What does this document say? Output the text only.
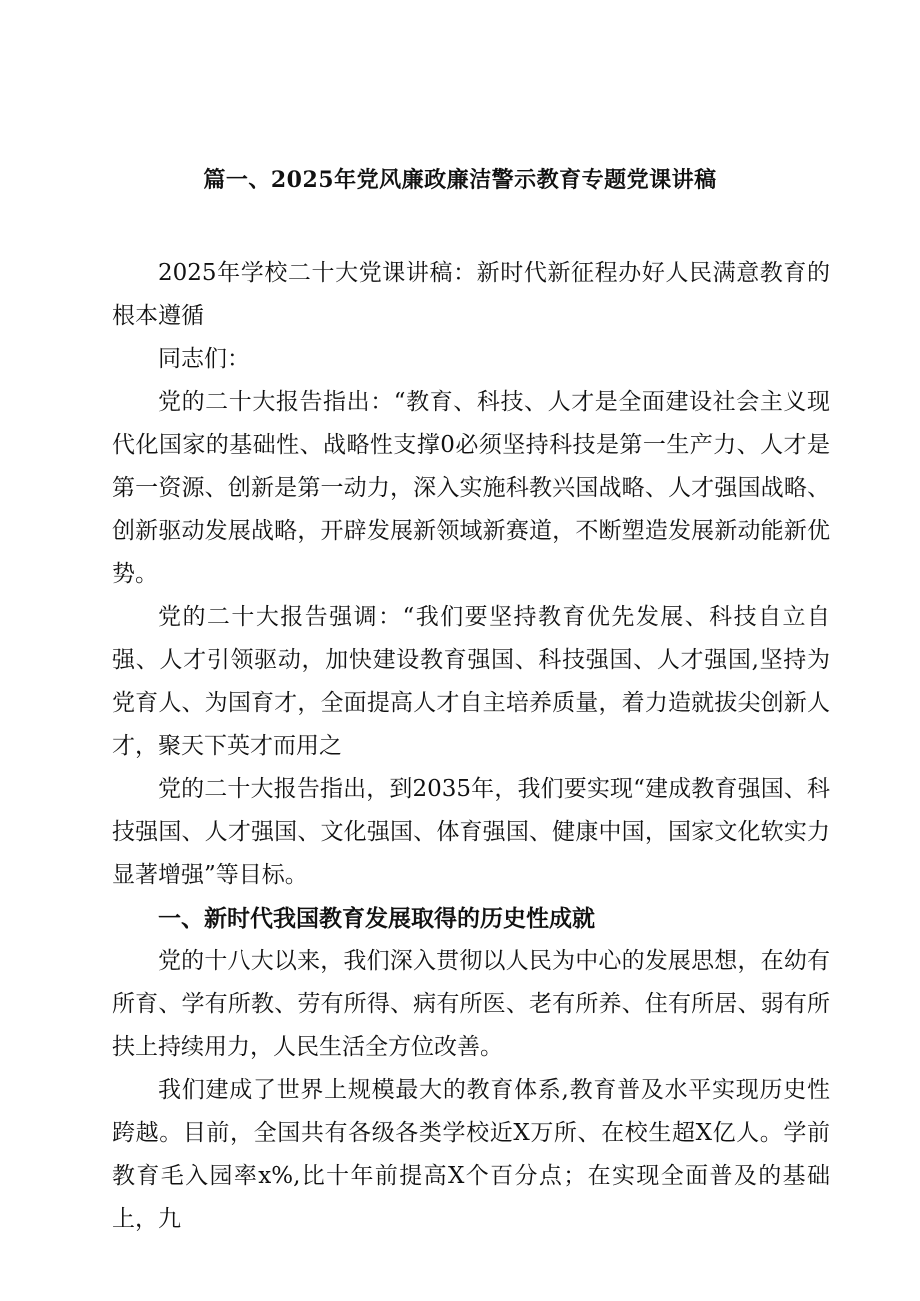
篇一、2025年党风廉政廉洁警示教育专题党课讲稿

2025年学校二十大党课讲稿：新时代新征程办好人民满意教育的根本遵循

同志们：

党的二十大报告指出：“教育、科技、人才是全面建设社会主义现代化国家的基础性、战略性支撑0必须坚持科技是第一生产力、人才是第一资源、创新是第一动力，深入实施科教兴国战略、人才强国战略、创新驱动发展战略，开辟发展新领域新赛道，不断塑造发展新动能新优势。

党的二十大报告强调：“我们要坚持教育优先发展、科技自立自强、人才引领驱动，加快建设教育强国、科技强国、人才强国,坚持为党育人、为国育才，全面提高人才自主培养质量，着力造就拔尖创新人才，聚天下英才而用之

党的二十大报告指出，到2035年，我们要实现“建成教育强国、科技强国、人才强国、文化强国、体育强国、健康中国，国家文化软实力显著增强”等目标。

一、新时代我国教育发展取得的历史性成就

党的十八大以来，我们深入贯彻以人民为中心的发展思想，在幼有所育、学有所教、劳有所得、病有所医、老有所养、住有所居、弱有所扶上持续用力，人民生活全方位改善。

我们建成了世界上规模最大的教育体系,教育普及水平实现历史性跨越。目前，全国共有各级各类学校近X万所、在校生超X亿人。学前教育毛入园率x%,比十年前提高X个百分点；在实现全面普及的基础上，九
